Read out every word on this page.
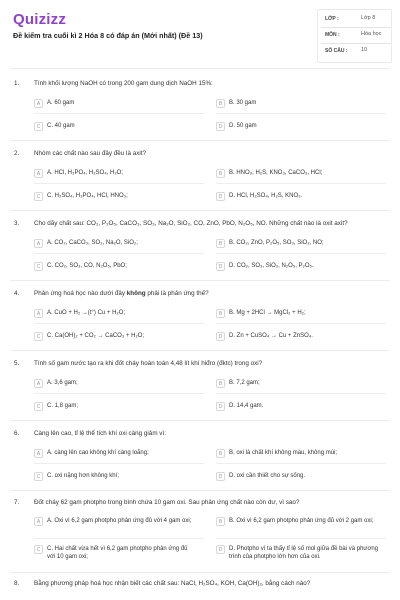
Quizizz
Đề kiểm tra cuối kì 2 Hóa 8 có đáp án (Mới nhất) (Đề 13)
LỚP :	Lớp 8
MÔN :	Hóa học
SỐ CÂU : 10
1. Tính khối lượng NaOH có trong 200 gam dung dịch NaOH 15%:
A	A. 60 gam	B	B. 30 gam
C	C. 40 gam	D	D. 50 gam
2. Nhóm các chất nào sau đây đều là axit?
A	A. HCl, H₃PO₄, H₂SO₄, H₂O;	B	B. HNO₃, H₂S, KNO₃, CaCO₃, HCl;
C	C. H₂SO₄, H₃PO₄, HCl, HNO₃;	D	D. HCl, H₂SO₄, H₂S, KNO₃.
3. Cho dãy chất sau: CO₂, P₂O₅, CaCO₃, SO₃, Na₂O, SiO₂, CO, ZnO, PbO, N₂O₅, NO. Những chất nào là oxit axit?
A	A. CO₂, CaCO₃, SO₃, Na₂O, SiO₂;	B	B. CO₂, ZnO, P₂O₅, SO₃, SiO₂, NO;
C	C. CO₂, SO₃, CO, N₂O₅, PbO;	D	D. CO₂, SO₃, SiO₂, N₂O₅, P₂O₅.
4. Phản ứng hoá học nào dưới đây không phải là phản ứng thế?
A	A. CuO + H₂ →(t°) Cu + H₂O;	B	B. Mg + 2HCl → MgCl₂ + H₂;
C	C. Ca(OH)₂ + CO₂ → CaCO₃ + H₂O;	D	D. Zn + CuSO₄ → Cu + ZnSO₄.
5. Tính số gam nước tạo ra khi đốt cháy hoàn toàn 4,48 lít khí hiđro (đktc) trong oxi?
A	A. 3,6 gam;	B	B. 7,2 gam;
C	C. 1,8 gam;	D	D. 14,4 gam.
6. Càng lên cao, tỉ lệ thể tích khí oxi càng giảm vì:
A	A. càng lên cao không khí càng loãng;	B	B. oxi là chất khí không màu, không mùi;
C	C. oxi nặng hơn không khí;	D	D. oxi cần thiết cho sự sống.
7. Đốt cháy 62 gam photpho trong bình chứa 10 gam oxi. Sau phản ứng chất nào còn dư, vì sao?
A	A. Oxi vì 6,2 gam photpho phản ứng đủ với 4 gam oxi;	B	B. Oxi vì 6,2 gam photpho phản ứng đủ với 2 gam oxi;
C	C. Hai chất vừa hết vì 6,2 gam photpho phản ứng đủ với 10 gam oxi;
D	D. Photpho vì ta thấy tỉ lệ số mol giữa đề bài và phương trình của photpho lớn hơn của oxi.
8. Bằng phương pháp hoá học nhận biết các chất sau: NaCl, H₂SO₄, KOH, Ca(OH)₂, bằng cách nào?
